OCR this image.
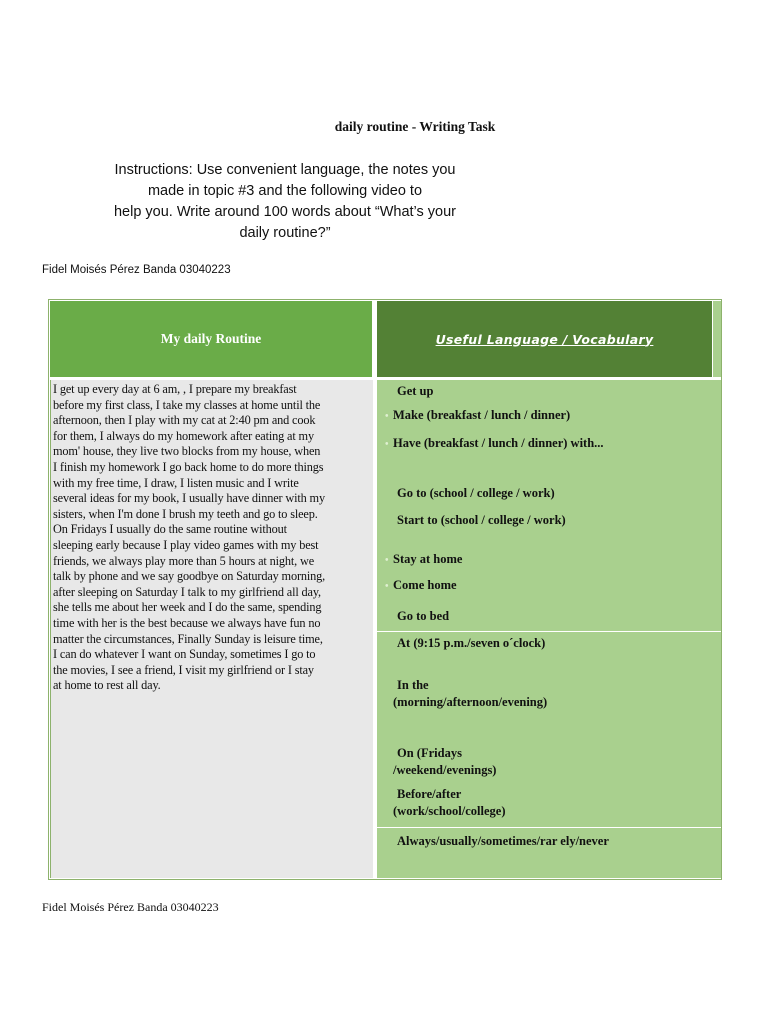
daily routine - Writing Task
Instructions: Use convenient language, the notes you
made in topic #3 and the following video to
help you. Write around 100 words about “What’s your
daily routine?”
Fidel Moisés Pérez Banda 03040223
My daily Routine	Useful Language / Vocabulary
I get up every day at 6 am, , I prepare my breakfast
before my first class, I take my classes at home until the
afternoon, then I play with my cat at 2:40 pm and cook
for them, I always do my homework after eating at my
mom' house, they live two blocks from my house, when
I finish my homework I go back home to do more things
with my free time, I draw, I listen music and I write
several ideas for my book, I usually have dinner with my
sisters, when I'm done I brush my teeth and go to sleep.
On Fridays I usually do the same routine without
sleeping early because I play video games with my best
friends, we always play more than 5 hours at night, we
talk by phone and we say goodbye on Saturday morning,
after sleeping on Saturday I talk to my girlfriend all day,
she tells me about her week and I do the same, spending
time with her is the best because we always have fun no
matter the circumstances, Finally Sunday is leisure time,
I can do whatever I want on Sunday, sometimes I go to
the movies, I see a friend, I visit my girlfriend or I stay
at home to rest all day.
Get up
• Make (breakfast / lunch / dinner)
• Have (breakfast / lunch / dinner) with...
Go to (school / college / work)
Start to (school / college / work)
• Stay at home
• Come home
Go to bed
At (9:15 p.m./seven o´clock)
In the
(morning/afternoon/evening)
On (Fridays
/weekend/evenings)
Before/after
(work/school/college)
Always/usually/sometimes/rar ely/never
Fidel Moisés Pérez Banda 03040223
